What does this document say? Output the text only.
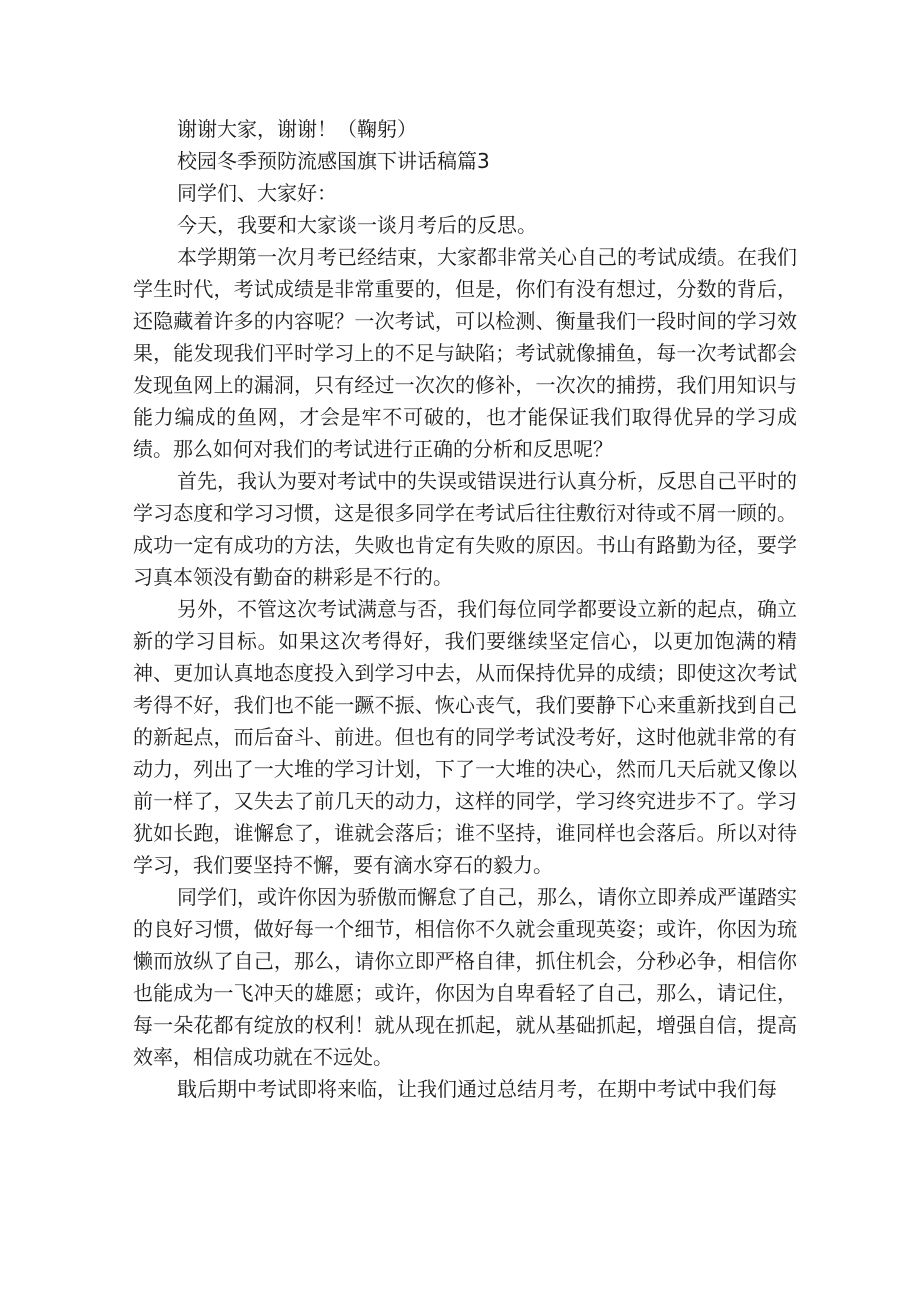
谢谢大家，谢谢！（鞠躬）

校园冬季预防流感国旗下讲话稿篇3

同学们、大家好：

今天，我要和大家谈一谈月考后的反思。

本学期第一次月考已经结束，大家都非常关心自己的考试成绩。在我们学生时代，考试成绩是非常重要的，但是，你们有没有想过，分数的背后，还隐藏着许多的内容呢？一次考试，可以检测、衡量我们一段时间的学习效果，能发现我们平时学习上的不足与缺陷；考试就像捕鱼，每一次考试都会发现鱼网上的漏洞，只有经过一次次的修补，一次次的捕捞，我们用知识与能力编成的鱼网，才会是牢不可破的，也才能保证我们取得优异的学习成绩。那么如何对我们的考试进行正确的分析和反思呢？

首先，我认为要对考试中的失误或错误进行认真分析，反思自己平时的学习态度和学习习惯，这是很多同学在考试后往往敷衍对待或不屑一顾的。成功一定有成功的方法，失败也肯定有失败的原因。书山有路勤为径，要学习真本领没有勤奋的耕彩是不行的。

另外，不管这次考试满意与否，我们每位同学都要设立新的起点，确立新的学习目标。如果这次考得好，我们要继续坚定信心，以更加饱满的精神、更加认真地态度投入到学习中去，从而保持优异的成绩；即使这次考试考得不好，我们也不能一蹶不振、恢心丧气，我们要静下心来重新找到自己的新起点，而后奋斗、前进。但也有的同学考试没考好，这时他就非常的有动力，列出了一大堆的学习计划，下了一大堆的决心，然而几天后就又像以前一样了，又失去了前几天的动力，这样的同学，学习终究进步不了。学习犹如长跑，谁懈怠了，谁就会落后；谁不坚持，谁同样也会落后。所以对待学习，我们要坚持不懈，要有滴水穿石的毅力。

同学们，或许你因为骄傲而懈怠了自己，那么，请你立即养成严谨踏实的良好习惯，做好每一个细节，相信你不久就会重现英姿；或许，你因为琉懒而放纵了自己，那么，请你立即严格自律，抓住机会，分秒必争，相信你也能成为一飞冲天的雄愿；或许，你因为自卑看轻了自己，那么，请记住，每一朵花都有绽放的权利！就从现在抓起，就从基础抓起，增强自信，提高效率，相信成功就在不远处。

戢后期中考试即将来临，让我们通过总结月考，在期中考试中我们每
